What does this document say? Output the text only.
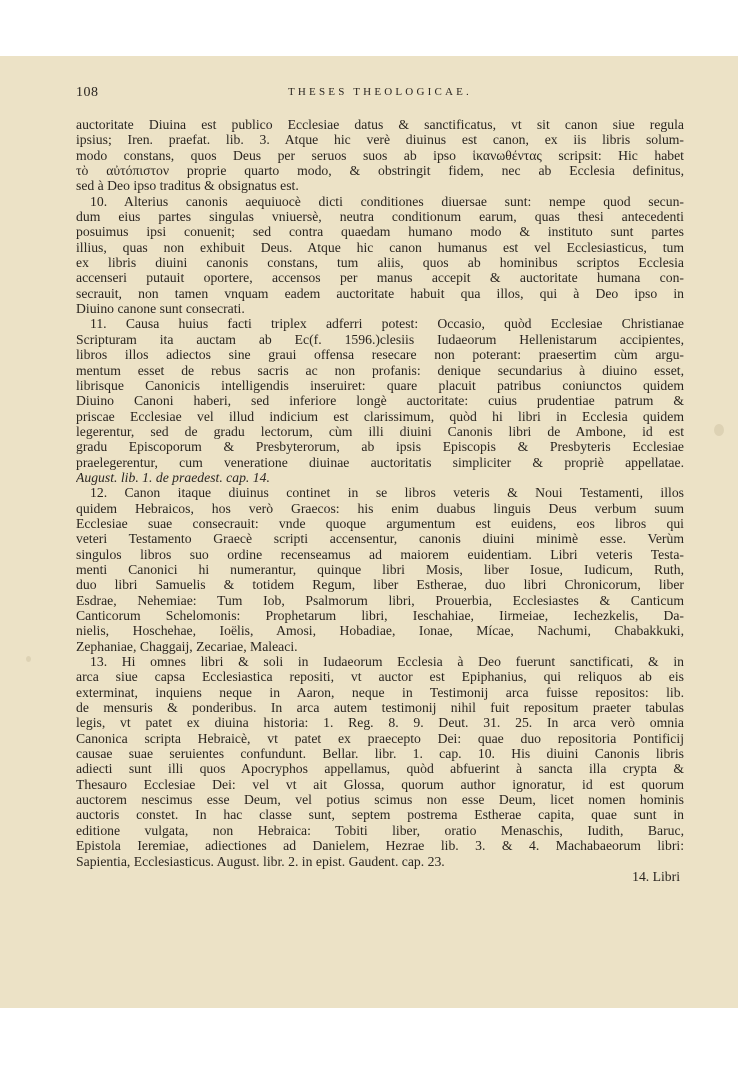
108	THESES THEOLOGICAE.
auctoritate Diuina est publico Ecclesiae datus & sanctificatus, vt sit canon siue regula
ipsius; Iren. praefat. lib. 3. Atque hic verè diuinus est canon, ex iis libris solum-
modo constans, quos Deus per seruos suos ab ipso ἱκανωθέντας scripsit: Hic habet
τὸ αὐτόπιστον proprie quarto modo, & obstringit fidem, nec ab Ecclesia definitus,
sed à Deo ipso traditus & obsignatus est.
10. Alterius canonis aequiuocè dicti conditiones diuersae sunt: nempe quod secun-
dum eius partes singulas vniuersè, neutra conditionum earum, quas thesi antecedenti
posuimus ipsi conuenit; sed contra quaedam humano modo & instituto sunt partes
illius, quas non exhibuit Deus. Atque hic canon humanus est vel Ecclesiasticus, tum
ex libris diuini canonis constans, tum aliis, quos ab hominibus scriptos Ecclesia
accenseri putauit oportere, accensos per manus accepit & auctoritate humana con-
secrauit, non tamen vnquam eadem auctoritate habuit qua illos, qui à Deo ipso in
Diuino canone sunt consecrati.
11. Causa huius facti triplex adferri potest: Occasio, quòd Ecclesiae Christianae
Scripturam ita auctam ab Ec(f. 1596.)clesiis Iudaeorum Hellenistarum accipientes,
libros illos adiectos sine graui offensa resecare non poterant: praesertim cùm argu-
mentum esset de rebus sacris ac non profanis: denique secundarius à diuino esset,
librisque Canonicis intelligendis inseruiret: quare placuit patribus coniunctos quidem
Diuino Canoni haberi, sed inferiore longè auctoritate: cuius prudentiae patrum &
priscae Ecclesiae vel illud indicium est clarissimum, quòd hi libri in Ecclesia quidem
legerentur, sed de gradu lectorum, cùm illi diuini Canonis libri de Ambone, id est
gradu Episcoporum & Presbyterorum, ab ipsis Episcopis & Presbyteris Ecclesiae
praelegerentur, cum veneratione diuinae auctoritatis simpliciter & propriè appellatae.
August. lib. 1. de praedest. cap. 14.
12. Canon itaque diuinus continet in se libros veteris & Noui Testamenti, illos
quidem Hebraicos, hos verò Graecos: his enim duabus linguis Deus verbum suum
Ecclesiae suae consecrauit: vnde quoque argumentum est euidens, eos libros qui
veteri Testamento Graecè scripti accensentur, canonis diuini minimè esse. Verùm
singulos libros suo ordine recenseamus ad maiorem euidentiam. Libri veteris Testa-
menti Canonici hi numerantur, quinque libri Mosis, liber Iosue, Iudicum, Ruth,
duo libri Samuelis & totidem Regum, liber Estherae, duo libri Chronicorum, liber
Esdrae, Nehemiae: Tum Iob, Psalmorum libri, Prouerbia, Ecclesiastes & Canticum
Canticorum Schelomonis: Prophetarum libri, Ieschahiae, Iirmeiae, Iechezkelis, Da-
nielis, Hoschehae, Ioëlis, Amosi, Hobadiae, Ionae, Mícae, Nachumi, Chabakkuki,
Zephaniae, Chaggaij, Zecariae, Maleaci.
13. Hi omnes libri & soli in Iudaeorum Ecclesia à Deo fuerunt sanctificati, & in
arca siue capsa Ecclesiastica repositi, vt auctor est Epiphanius, qui reliquos ab eis
exterminat, inquiens neque in Aaron, neque in Testimonij arca fuisse repositos: lib.
de mensuris & ponderibus. In arca autem testimonij nihil fuit repositum praeter tabulas
legis, vt patet ex diuina historia: 1. Reg. 8. 9. Deut. 31. 25. In arca verò omnia
Canonica scripta Hebraicè, vt patet ex praecepto Dei: quae duo repositoria Pontificij
causae suae seruientes confundunt. Bellar. libr. 1. cap. 10. His diuini Canonis libris
adiecti sunt illi quos Apocryphos appellamus, quòd abfuerint à sancta illa crypta &
Thesauro Ecclesiae Dei: vel vt ait Glossa, quorum author ignoratur, id est quorum
auctorem nescimus esse Deum, vel potius scimus non esse Deum, licet nomen hominis
auctoris constet. In hac classe sunt, septem postrema Estherae capita, quae sunt in
editione vulgata, non Hebraica: Tobiti liber, oratio Menaschis, Iudith, Baruc,
Epistola Ieremiae, adiectiones ad Danielem, Hezrae lib. 3. & 4. Machabaeorum libri:
Sapientia, Ecclesiasticus. August. libr. 2. in epist. Gaudent. cap. 23.
14. Libri
